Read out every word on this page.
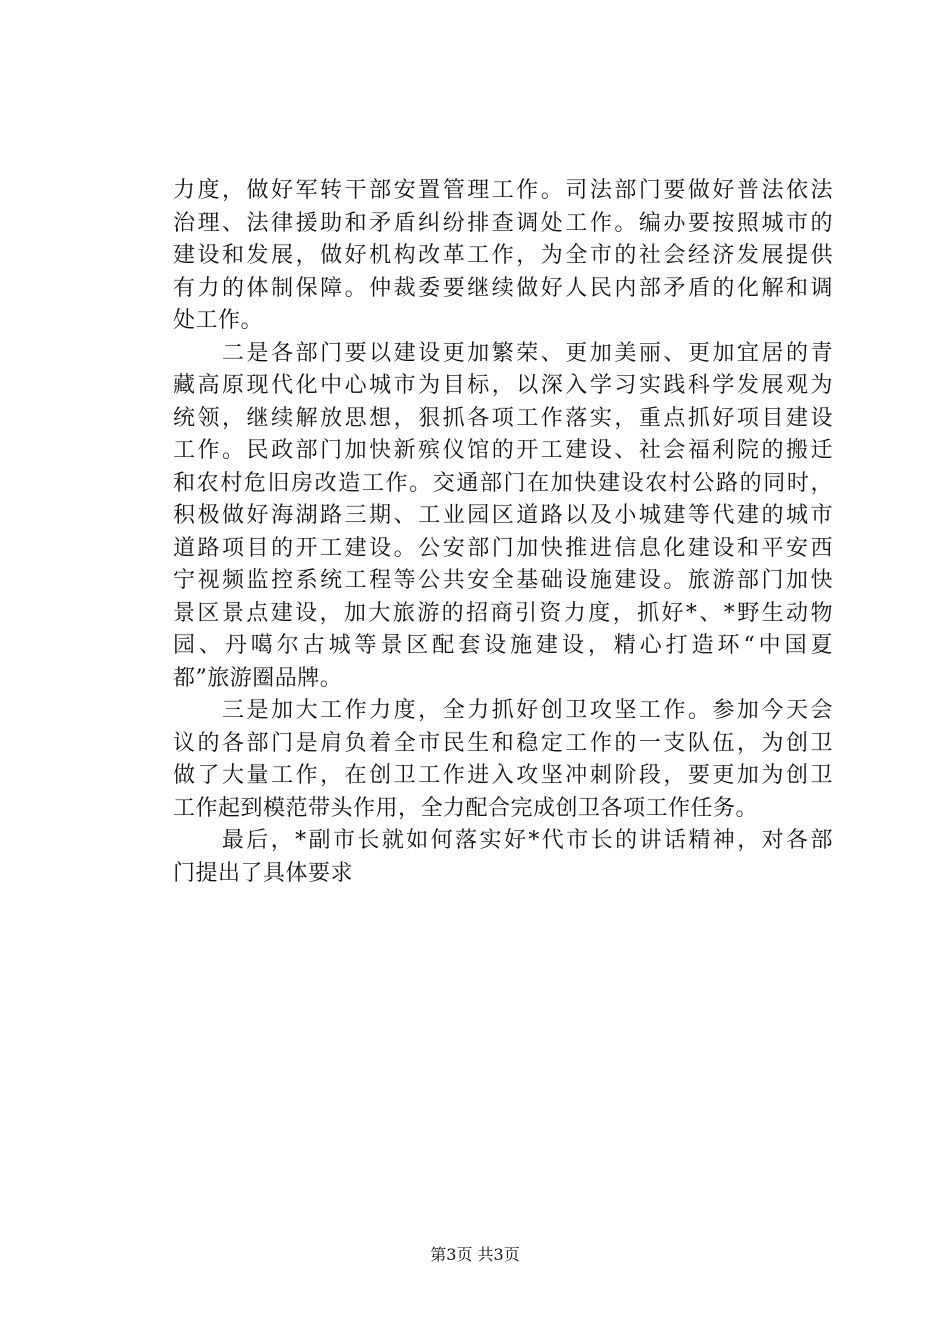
力度，做好军转干部安置管理工作。司法部门要做好普法依法
治理、法律援助和矛盾纠纷排查调处工作。编办要按照城市的
建设和发展，做好机构改革工作，为全市的社会经济发展提供
有力的体制保障。仲裁委要继续做好人民内部矛盾的化解和调
处工作。
　　二是各部门要以建设更加繁荣、更加美丽、更加宜居的青
藏高原现代化中心城市为目标，以深入学习实践科学发展观为
统领，继续解放思想，狠抓各项工作落实，重点抓好项目建设
工作。民政部门加快新殡仪馆的开工建设、社会福利院的搬迁
和农村危旧房改造工作。交通部门在加快建设农村公路的同时，
积极做好海湖路三期、工业园区道路以及小城建等代建的城市
道路项目的开工建设。公安部门加快推进信息化建设和平安西
宁视频监控系统工程等公共安全基础设施建设。旅游部门加快
景区景点建设，加大旅游的招商引资力度，抓好*、*野生动物
园、丹噶尔古城等景区配套设施建设，精心打造环“中国夏
都”旅游圈品牌。
　　三是加大工作力度，全力抓好创卫攻坚工作。参加今天会
议的各部门是肩负着全市民生和稳定工作的一支队伍，为创卫
做了大量工作，在创卫工作进入攻坚冲刺阶段，要更加为创卫
工作起到模范带头作用，全力配合完成创卫各项工作任务。
　　最后，*副市长就如何落实好*代市长的讲话精神，对各部
门提出了具体要求
第3页 共3页
